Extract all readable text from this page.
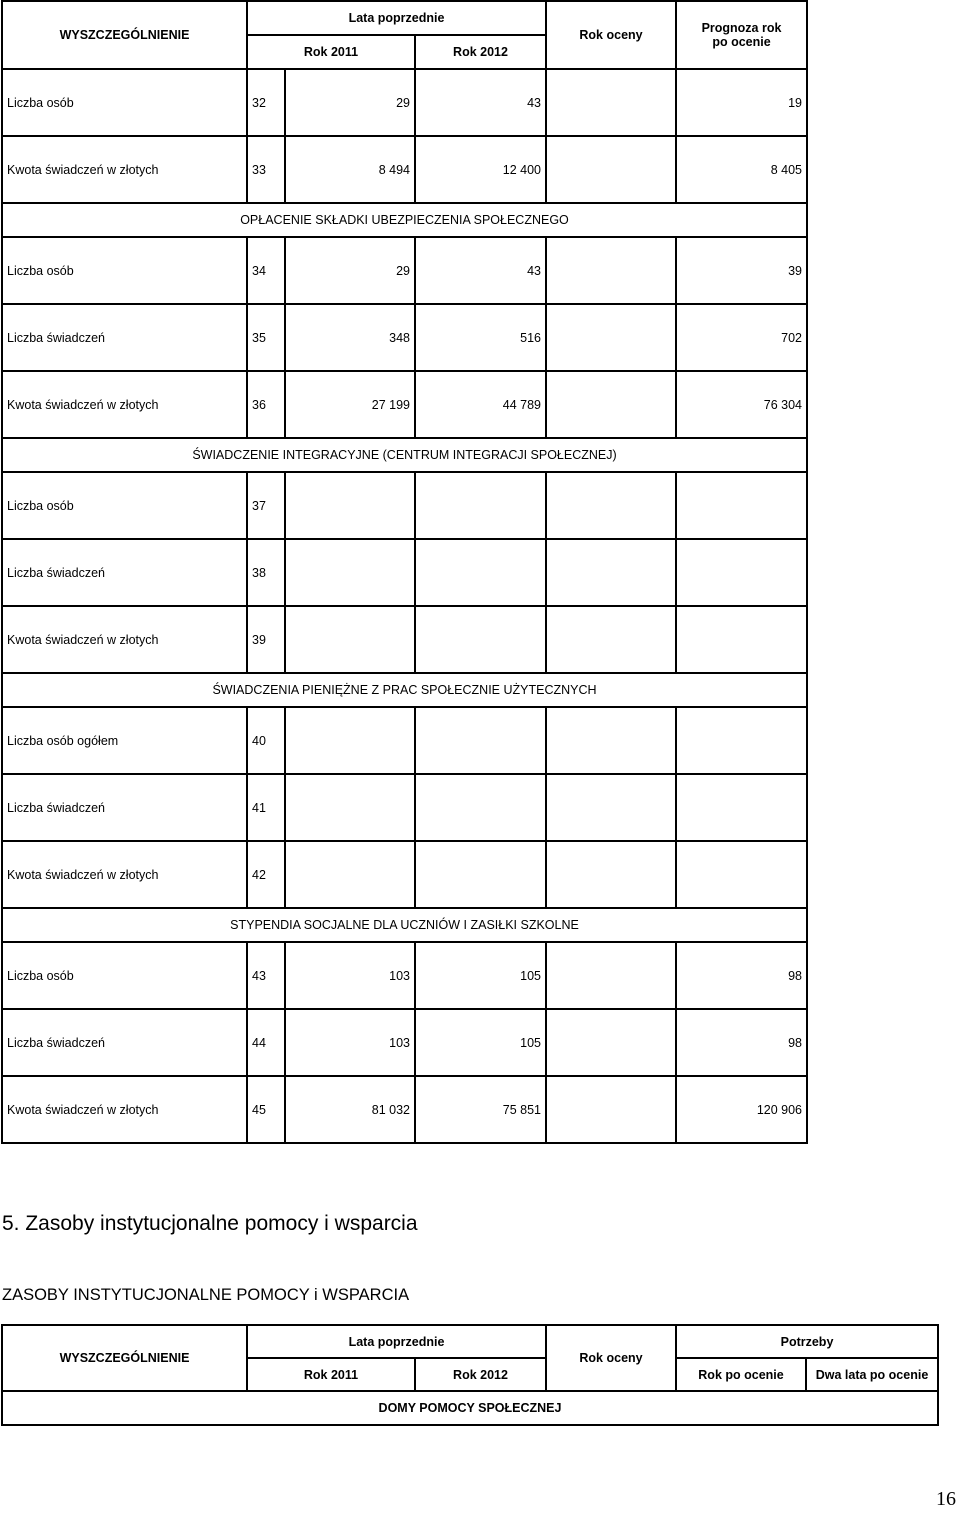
WYSZCZEGÓLNIENIE	Lata poprzednie			Rok oceny	Prognoza rok
po ocenie
	Rok 2011		Rok 2012		
Liczba osób	32	29	43		19
Kwota świadczeń w złotych	33	8 494	12 400		8 405
OPŁACENIE SKŁADKI UBEZPIECZENIA SPOŁECZNEGO					
Liczba osób	34	29	43		39
Liczba świadczeń	35	348	516		702
Kwota świadczeń w złotych	36	27 199	44 789		76 304
ŚWIADCZENIE INTEGRACYJNE (CENTRUM INTEGRACJI SPOŁECZNEJ)					
Liczba osób	37				
Liczba świadczeń	38				
Kwota świadczeń w złotych	39				
ŚWIADCZENIA PIENIĘŻNE Z PRAC SPOŁECZNIE UŻYTECZNYCH					
Liczba osób ogółem	40				
Liczba świadczeń	41				
Kwota świadczeń w złotych	42				
STYPENDIA SOCJALNE DLA UCZNIÓW I ZASIŁKI SZKOLNE					
Liczba osób	43	103	105		98
Liczba świadczeń	44	103	105		98
Kwota świadczeń w złotych	45	81 032	75 851		120 906
5. Zasoby instytucjonalne pomocy i wsparcia
ZASOBY INSTYTUCJONALNE POMOCY i WSPARCIA
WYSZCZEGÓLNIENIE	Lata poprzednie		Rok oceny	Potrzeby	
	Rok 2011	Rok 2012		Rok po ocenie	Dwa lata po ocenie
DOMY POMOCY SPOŁECZNEJ					
16
